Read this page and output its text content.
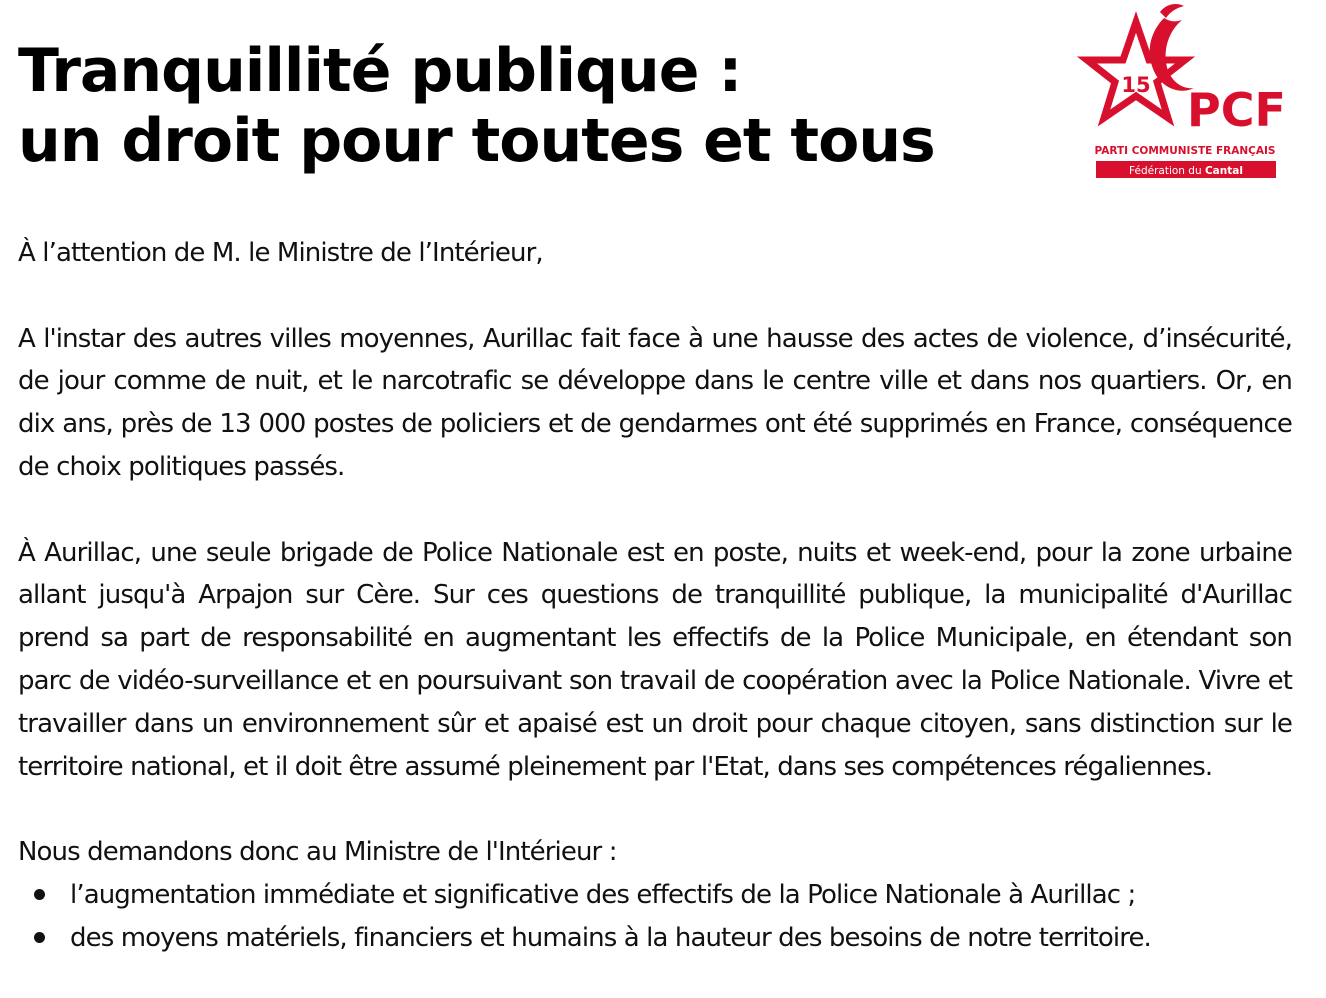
Tranquillité publique :
un droit pour toutes et tous
15 PCF
PARTI COMMUNISTE FRANÇAIS
Fédération du Cantal

À l’attention de M. le Ministre de l’Intérieur,

A l'instar des autres villes moyennes, Aurillac fait face à une hausse des actes de violence, d’insécurité, de jour comme de nuit, et le narcotrafic se développe dans le centre ville et dans nos quartiers. Or, en dix ans, près de 13 000 postes de policiers et de gendarmes ont été supprimés en France, conséquence de choix politiques passés.

À Aurillac, une seule brigade de Police Nationale est en poste, nuits et week-end, pour la zone urbaine allant jusqu'à Arpajon sur Cère. Sur ces questions de tranquillité publique, la municipalité d'Aurillac prend sa part de responsabilité en augmentant les effectifs de la Police Municipale, en étendant son parc de vidéo-surveillance et en poursuivant son travail de coopération avec la Police Nationale. Vivre et travailler dans un environnement sûr et apaisé est un droit pour chaque citoyen, sans distinction sur le territoire national, et il doit être assumé pleinement par l'Etat, dans ses compétences régaliennes.

Nous demandons donc au Ministre de l'Intérieur :

l’augmentation immédiate et significative des effectifs de la Police Nationale à Aurillac ;
des moyens matériels, financiers et humains à la hauteur des besoins de notre territoire.
